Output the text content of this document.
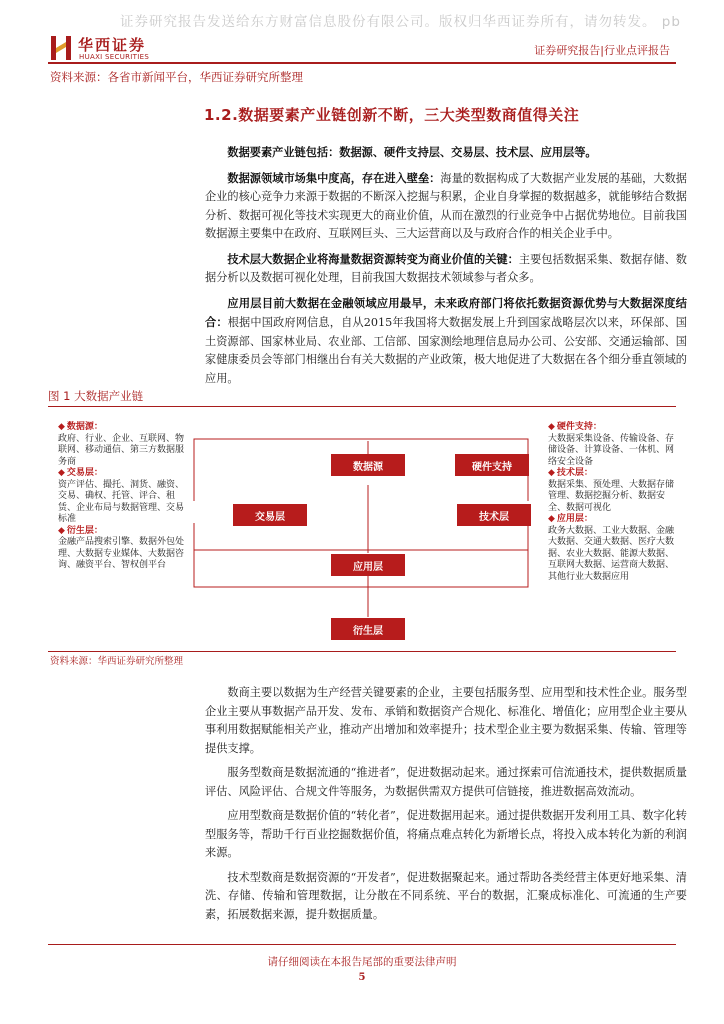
证券研究报告发送给东方财富信息股份有限公司。版权归华西证券所有，请勿转发。 pb
华西证券
HUAXI SECURITIES	证券研究报告|行业点评报告
资料来源：各省市新闻平台，华西证券研究所整理
1.2.数据要素产业链创新不断，三大类型数商值得关注

数据要素产业链包括：数据源、硬件支持层、交易层、技术层、应用层等。

数据源领域市场集中度高，存在进入壁垒：海量的数据构成了大数据产业发展的基础，大数据企业的核心竞争力来源于数据的不断深入挖掘与积累，企业自身掌握的数据越多，就能够结合数据分析、数据可视化等技术实现更大的商业价值，从而在激烈的行业竞争中占据优势地位。目前我国数据源主要集中在政府、互联网巨头、三大运营商以及与政府合作的相关企业手中。

技术层大数据企业将海量数据资源转变为商业价值的关键：主要包括数据采集、数据存储、数据分析以及数据可视化处理，目前我国大数据技术领域参与者众多。

应用层目前大数据在金融领域应用最早，未来政府部门将依托数据资源优势与大数据深度结合：根据中国政府网信息，自从2015年我国将大数据发展上升到国家战略层次以来，环保部、国土资源部、国家林业局、农业部、工信部、国家测绘地理信息局办公司、公安部、交通运输部、国家健康委员会等部门相继出台有关大数据的产业政策，极大地促进了大数据在各个细分垂直领域的应用。

图 1 大数据产业链
数据源	硬件支持
交易层	技术层
应用层
衍生层
◆ 数据源：
政府、行业、企业、互联网、物联网、移动通信、第三方数据服务商
◆ 交易层：
资产评估、撮托、洞货、融资、交易、确权、托管、评合、租赁、企业布局与数据管理、交易标准
◆ 衍生层：
金融产品搜索引擎、数据外包处理、大数据专业媒体、大数据咨询、融资平台、智权创平台
◆ 硬件支持：
大数据采集设备、传输设备、存储设备、计算设备、一体机、网络安全设备
◆ 技术层：
数据采集、预处理、大数据存储管理、数据挖掘分析、数据安全、数据可视化
◆ 应用层：
政务大数据、工业大数据、金融大数据、交通大数据、医疗大数据、农业大数据、能源大数据、互联网大数据、运营商大数据、其他行业大数据应用
资料来源：华西证券研究所整理

数商主要以数据为生产经营关键要素的企业，主要包括服务型、应用型和技术性企业。服务型企业主要从事数据产品开发、发布、承销和数据资产合规化、标准化、增值化；应用型企业主要从事利用数据赋能相关产业，推动产出增加和效率提升；技术型企业主要为数据采集、传输、管理等提供支撑。

服务型数商是数据流通的“推进者”，促进数据动起来。通过探索可信流通技术，提供数据质量评估、风险评估、合规文件等服务，为数据供需双方提供可信链接，推进数据高效流动。

应用型数商是数据价值的“转化者”，促进数据用起来。通过提供数据开发利用工具、数字化转型服务等，帮助千行百业挖掘数据价值，将痛点难点转化为新增长点，将投入成本转化为新的利润来源。

技术型数商是数据资源的“开发者”，促进数据聚起来。通过帮助各类经营主体更好地采集、清洗、存储、传输和管理数据，让分散在不同系统、平台的数据，汇聚成标准化、可流通的生产要素，拓展数据来源，提升数据质量。

请仔细阅读在本报告尾部的重要法律声明
5
